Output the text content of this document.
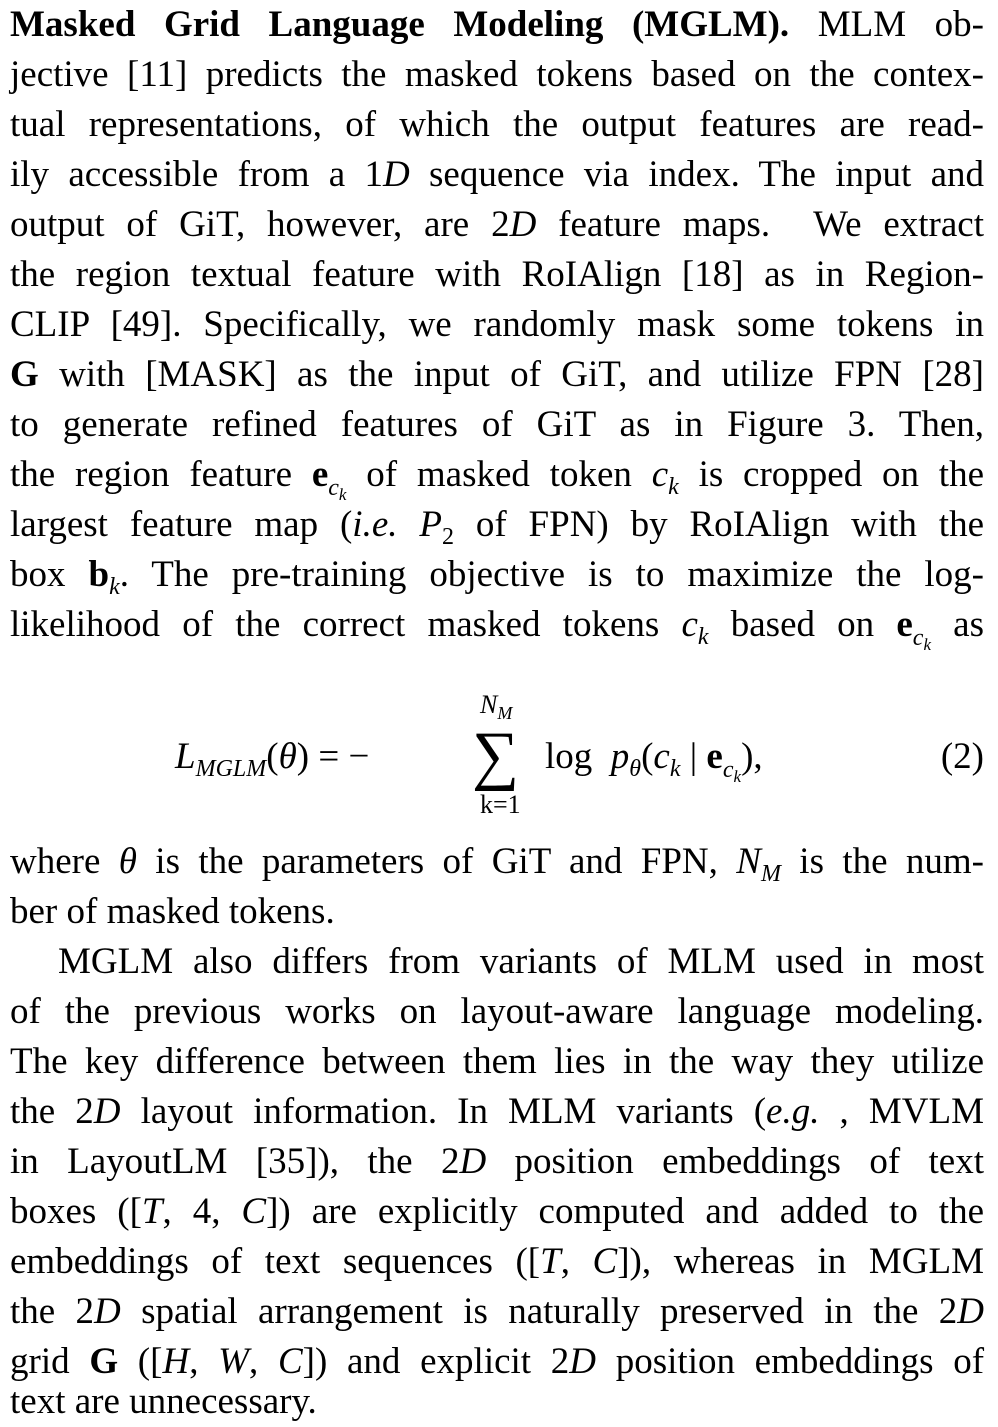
Masked Grid Language Modeling (MGLM). MLM ob-
jective [11] predicts the masked tokens based on the contex-
tual representations, of which the output features are read-
ily accessible from a 1D sequence via index. The input and
output of GiT, however, are 2D feature maps.  We extract
the region textual feature with RoIAlign [18] as in Region-
CLIP [49]. Specifically, we randomly mask some tokens in
G with [MASK] as the input of GiT, and utilize FPN [28]
to generate refined features of GiT as in Figure 3. Then,
the region feature $e_{c_k}$ of masked token $c_k$ is cropped on the
largest feature map (i.e. $P_2$ of FPN) by RoIAlign with the
box $b_k$. The pre-training objective is to maximize the log-
likelihood of the correct masked tokens $c_k$ based on $e_{c_k}$ as
$L_{MGLM}(\theta)$ = −
$N_M$
∑
k=1
$\log p_\theta(c_k$ | $e_{c_k}$),	(2)
where θ is the parameters of GiT and FPN, $N_M$ is the num-
ber of masked tokens.
MGLM also differs from variants of MLM used in most
of the previous works on layout-aware language modeling.
The key difference between them lies in the way they utilize
the 2D layout information. In MLM variants (e.g. , MVLM
in LayoutLM [35]), the 2D position embeddings of text
boxes ([T, 4, C]) are explicitly computed and added to the
embeddings of text sequences ([T, C]), whereas in MGLM
the 2D spatial arrangement is naturally preserved in the 2D
grid G ([H, W, C]) and explicit 2D position embeddings of
text are unnecessary.
